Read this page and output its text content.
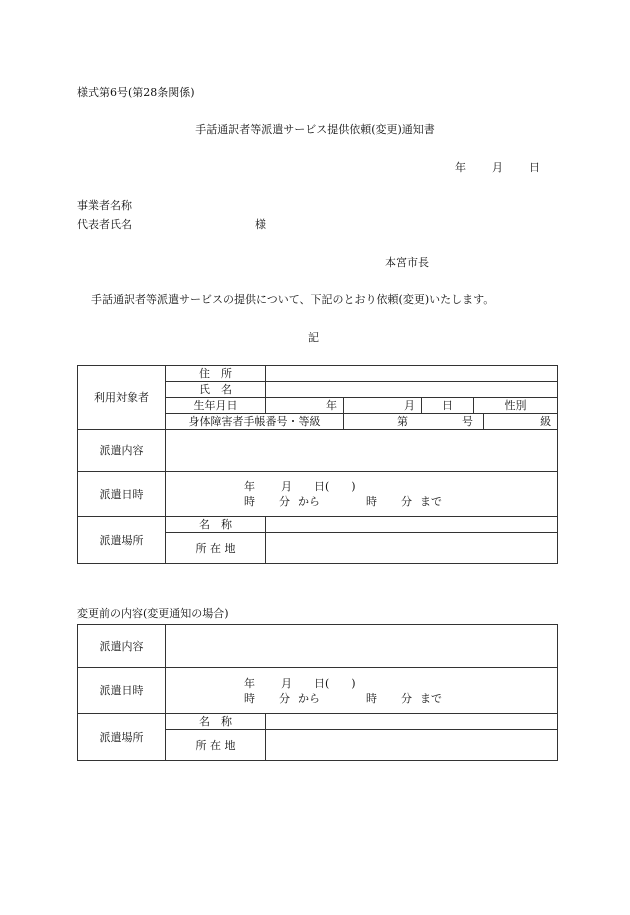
様式第6号(第28条関係)
手話通訳者等派遣サービス提供依頼(変更)通知書
年 月 日
事業者名称
代表者氏名	様
本宮市長
手話通訳者等派遣サービスの提供について、下記のとおり依頼(変更)いたします。
記
利用対象者	住　所						
	氏　名						
	生年月日	年	月	日	性別	
	身体障害者手帳番号・等級		第 号			級	
派遣内容							
派遣日時	年 月 日(　　)
時 分 から 時 分 まで						

派遣場所	名　称						
	所 在 地						
変更前の内容(変更通知の場合)
派遣内容		
派遣日時	年 月 日(　　)
時 分 から 時 分 まで	

派遣場所	名　称	
	所 在 地	
